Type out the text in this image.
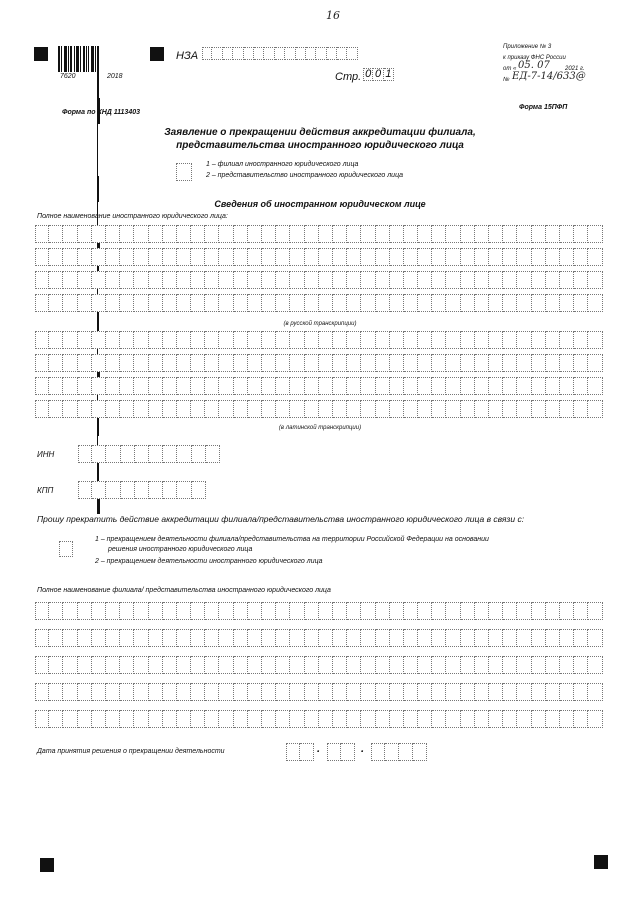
16
7620	2018
НЗА
Стр. 0 0 1
Приложение № 3
к приказу ФНС России
от « 05. 07	2021 г.
№ ЕД-7-14/633@
Форма по КНД 1113403
Форма 15ПФП
Заявление о прекращении действия аккредитации филиала,
представительства иностранного юридического лица
1 – филиал иностранного юридического лица
2 – представительство иностранного юридического лица
Сведения об иностранном юридическом лице
Полное наименование иностранного юридического лица:
(в русской транскрипции)
(в латинской транскрипции)
ИНН
КПП
Прошу прекратить действие аккредитации филиала/представительства иностранного юридического лица в связи с:
1 – прекращением деятельности филиала/представительства на территории Российской Федерации на основании
решения иностранного юридического лица
2 – прекращением деятельности иностранного юридического лица
Полное наименование филиала/ представительства иностранного юридического лица
Дата принятия решения о прекращении деятельности	.	.
